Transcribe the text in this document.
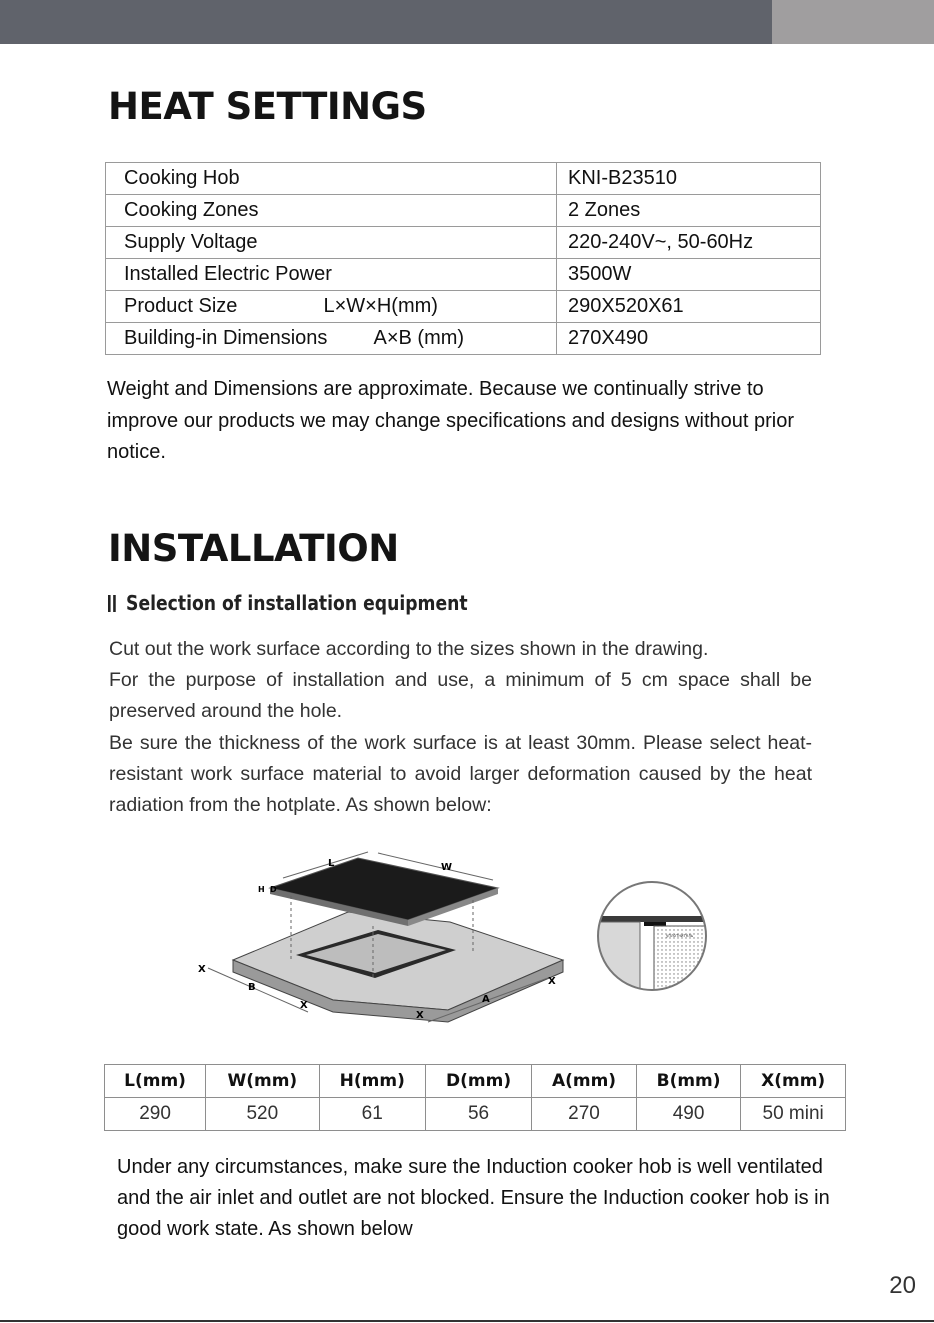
HEAT SETTINGS
Cooking Hob	KNI-B23510
Cooking Zones	2 Zones
Supply Voltage	220-240V~, 50-60Hz
Installed Electric Power	3500W
Product Size L×W×H(mm)	290X520X61
Building-in Dimensions A×B (mm)	270X490
Weight and Dimensions are approximate. Because we continually strive to improve our products we may change specifications and designs without prior notice.
INSTALLATION
Selection of installation equipment

Cut out the work surface according to the sizes shown in the drawing.

For the purpose of installation and use, a minimum of 5 cm space shall be preserved around the hole.

Be sure the thickness of the work surface is at least 30mm. Please select heat-resistant work surface material to avoid larger deformation caused by the heat radiation from the hotplate. As shown below:

L	W
H D
X
B
X
X
A
X
уплотнитель
L(mm)	W(mm)	H(mm)	D(mm)	A(mm)	B(mm)	X(mm)
290	520	61	56	270	490	50 mini
Under any circumstances, make sure the Induction cooker hob is well ventilated and the air inlet and outlet are not blocked. Ensure the Induction cooker hob is in good work state. As shown below
20
